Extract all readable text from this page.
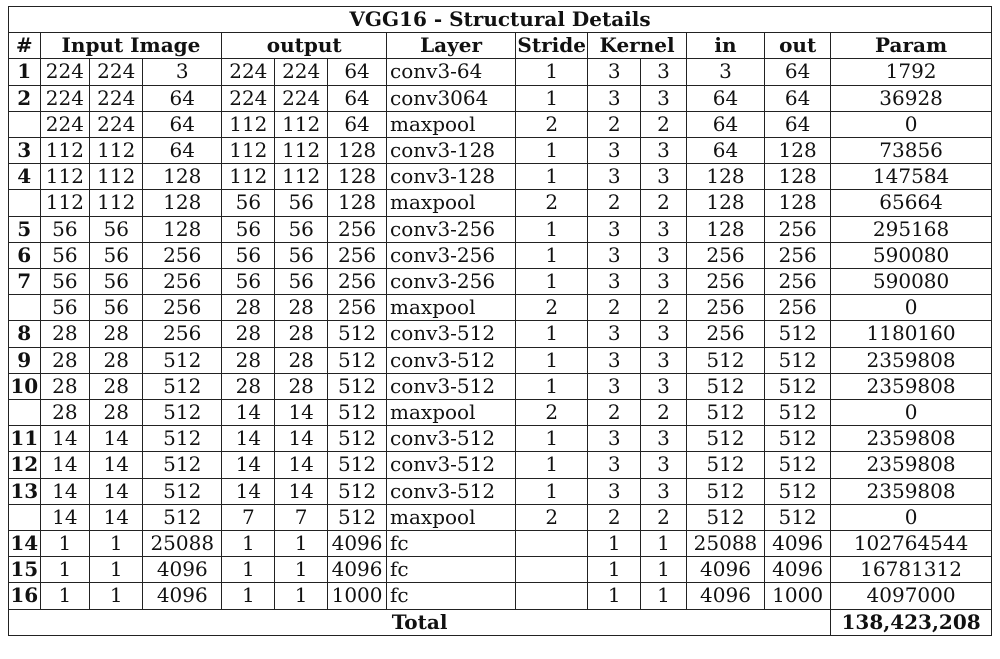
VGG16 - Structural Details													
#	Input Image			output			Layer	Stride	Kernel		in	out	Param
1	224	224	3	224	224	64	conv3-64	1	3	3	3	64	1792
2	224	224	64	224	224	64	conv3064	1	3	3	64	64	36928
	224	224	64	112	112	64	maxpool	2	2	2	64	64	0
3	112	112	64	112	112	128	conv3-128	1	3	3	64	128	73856
4	112	112	128	112	112	128	conv3-128	1	3	3	128	128	147584
	112	112	128	56	56	128	maxpool	2	2	2	128	128	65664
5	56	56	128	56	56	256	conv3-256	1	3	3	128	256	295168
6	56	56	256	56	56	256	conv3-256	1	3	3	256	256	590080
7	56	56	256	56	56	256	conv3-256	1	3	3	256	256	590080
	56	56	256	28	28	256	maxpool	2	2	2	256	256	0
8	28	28	256	28	28	512	conv3-512	1	3	3	256	512	1180160
9	28	28	512	28	28	512	conv3-512	1	3	3	512	512	2359808
10	28	28	512	28	28	512	conv3-512	1	3	3	512	512	2359808
	28	28	512	14	14	512	maxpool	2	2	2	512	512	0
11	14	14	512	14	14	512	conv3-512	1	3	3	512	512	2359808
12	14	14	512	14	14	512	conv3-512	1	3	3	512	512	2359808
13	14	14	512	14	14	512	conv3-512	1	3	3	512	512	2359808
	14	14	512	7	7	512	maxpool	2	2	2	512	512	0
14	1	1	25088	1	1	4096	fc		1	1	25088	4096	102764544
15	1	1	4096	1	1	4096	fc		1	1	4096	4096	16781312
16	1	1	4096	1	1	1000	fc		1	1	4096	1000	4097000
Total													138,423,208
